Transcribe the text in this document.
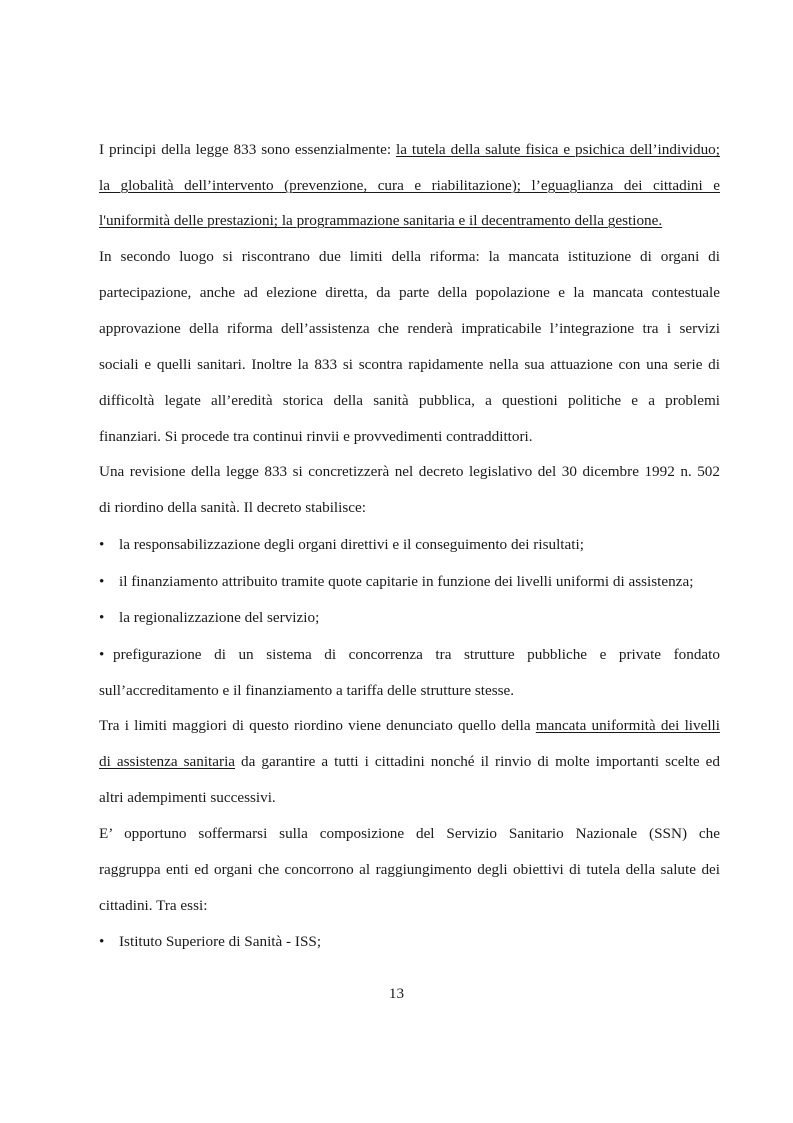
I principi della legge 833 sono essenzialmente: la tutela della salute fisica e psichica dell’individuo;
la globalità dell’intervento (prevenzione, cura e riabilitazione); l’eguaglianza dei cittadini e
l'uniformità delle prestazioni; la programmazione sanitaria e il decentramento della gestione.
In secondo luogo si riscontrano due limiti della riforma: la mancata istituzione di organi di
partecipazione, anche ad elezione diretta, da parte della popolazione e la mancata contestuale
approvazione della riforma dell’assistenza che renderà impraticabile l’integrazione tra i servizi
sociali e quelli sanitari. Inoltre la 833 si scontra rapidamente nella sua attuazione con una serie di
difficoltà legate all’eredità storica della sanità pubblica, a questioni politiche e a problemi
finanziari. Si procede tra continui rinvii e provvedimenti contraddittori.
Una revisione della legge 833 si concretizzerà nel decreto legislativo del 30 dicembre 1992 n. 502
di riordino della sanità. Il decreto stabilisce:
• la responsabilizzazione degli organi direttivi e il conseguimento dei risultati;
• il finanziamento attribuito tramite quote capitarie in funzione dei livelli uniformi di assistenza;
• la regionalizzazione del servizio;
• prefigurazione di un sistema di concorrenza tra strutture pubbliche e private fondato
sull’accreditamento e il finanziamento a tariffa delle strutture stesse.
Tra i limiti maggiori di questo riordino viene denunciato quello della mancata uniformità dei livelli
di assistenza sanitaria da garantire a tutti i cittadini nonché il rinvio di molte importanti scelte ed
altri adempimenti successivi.
E’ opportuno soffermarsi sulla composizione del Servizio Sanitario Nazionale (SSN) che
raggruppa enti ed organi che concorrono al raggiungimento degli obiettivi di tutela della salute dei
cittadini. Tra essi:
• Istituto Superiore di Sanità - ISS;
13
